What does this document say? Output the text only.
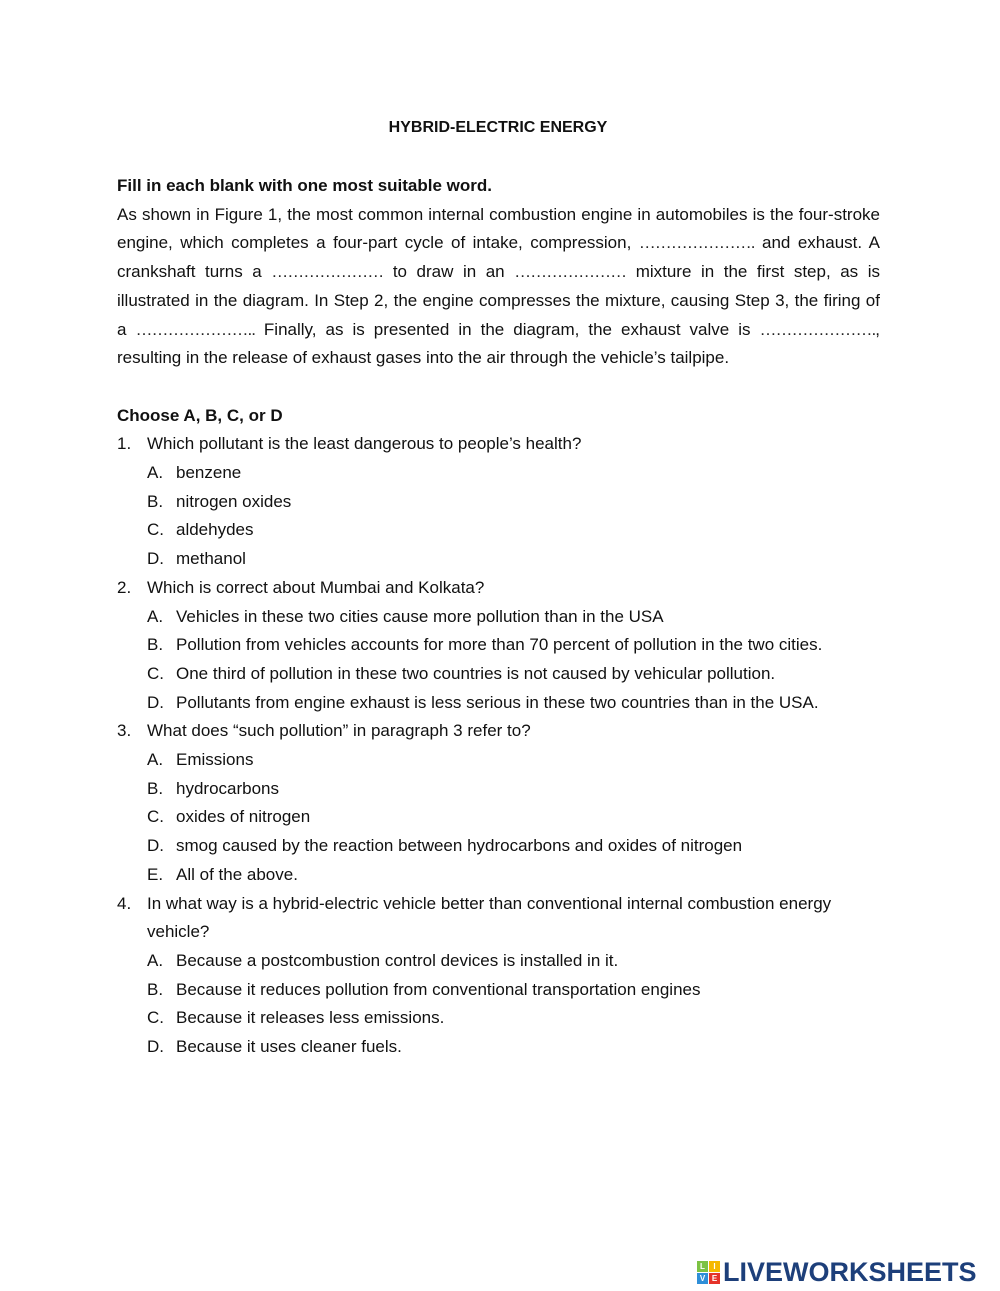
HYBRID-ELECTRIC ENERGY
Fill in each blank with one most suitable word.
As shown in Figure 1, the most common internal combustion engine in automobiles is the four-stroke engine, which completes a four-part cycle of intake, compression, …………………. and exhaust. A crankshaft turns a ………………… to draw in an ………………… mixture in the first step, as is illustrated in the diagram. In Step 2, the engine compresses the mixture, causing Step 3, the firing of a ………………….. Finally, as is presented in the diagram, the exhaust valve is …………………., resulting in the release of exhaust gases into the air through the vehicle’s tailpipe.
Choose A, B, C, or D
1. Which pollutant is the least dangerous to people’s health?
A. benzene
B. nitrogen oxides
C. aldehydes
D. methanol
2. Which is correct about Mumbai and Kolkata?
A. Vehicles in these two cities cause more pollution than in the USA
B. Pollution from vehicles accounts for more than 70 percent of pollution in the two cities.
C. One third of pollution in these two countries is not caused by vehicular pollution.
D. Pollutants from engine exhaust is less serious in these two countries than in the USA.
3. What does “such pollution” in paragraph 3 refer to?
A. Emissions
B. hydrocarbons
C. oxides of nitrogen
D. smog caused by the reaction between hydrocarbons and oxides of nitrogen
E. All of the above.
4. In what way is a hybrid-electric vehicle better than conventional internal combustion energy vehicle?
A. Because a postcombustion control devices is installed in it.
B. Because it reduces pollution from conventional transportation engines
C. Because it releases less emissions.
D. Because it uses cleaner fuels.
L	I
V E LIVEWORKSHEETS
